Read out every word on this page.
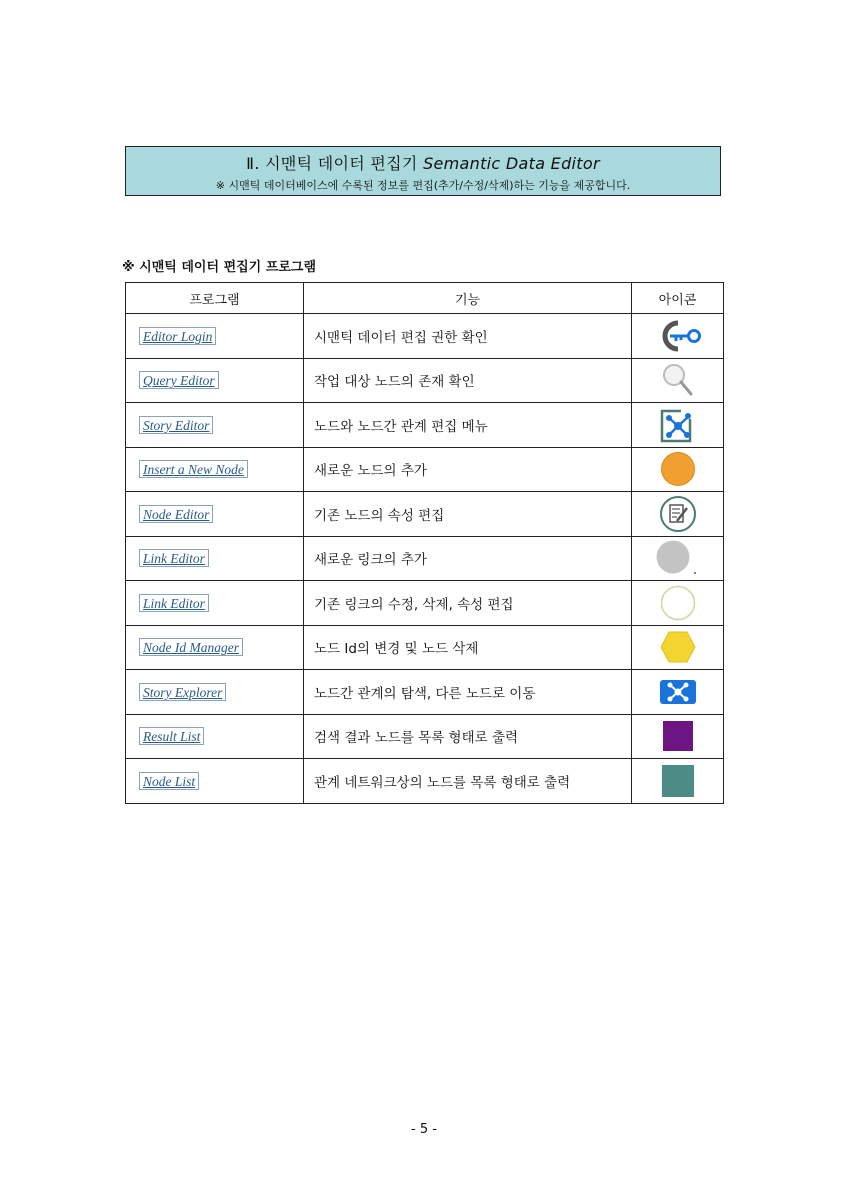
Ⅱ. 시맨틱 데이터 편집기 Semantic Data Editor
※ 시맨틱 데이터베이스에 수록된 정보를 편집(추가/수정/삭제)하는 기능을 제공합니다.
※ 시맨틱 데이터 편집기 프로그램
프로그램	기능	아이콘
Editor Login	시맨틱 데이터 편집 권한 확인	

Query Editor	작업 대상 노드의 존재 확인	

Story Editor	노드와 노드간 관계 편집 메뉴	

Insert a New Node	새로운 노드의 추가	

Node Editor	기존 노드의 속성 편집	

Link Editor	새로운 링크의 추가	

Link Editor	기존 링크의 수정, 삭제, 속성 편집	

Node Id Manager	노드 Id의 변경 및 노드 삭제	

Story Explorer	노드간 관계의 탐색, 다른 노드로 이동	

Result List	검색 결과 노드를 목록 형태로 출력	

Node List	관계 네트워크상의 노드를 목록 형태로 출력	
- 5 -
